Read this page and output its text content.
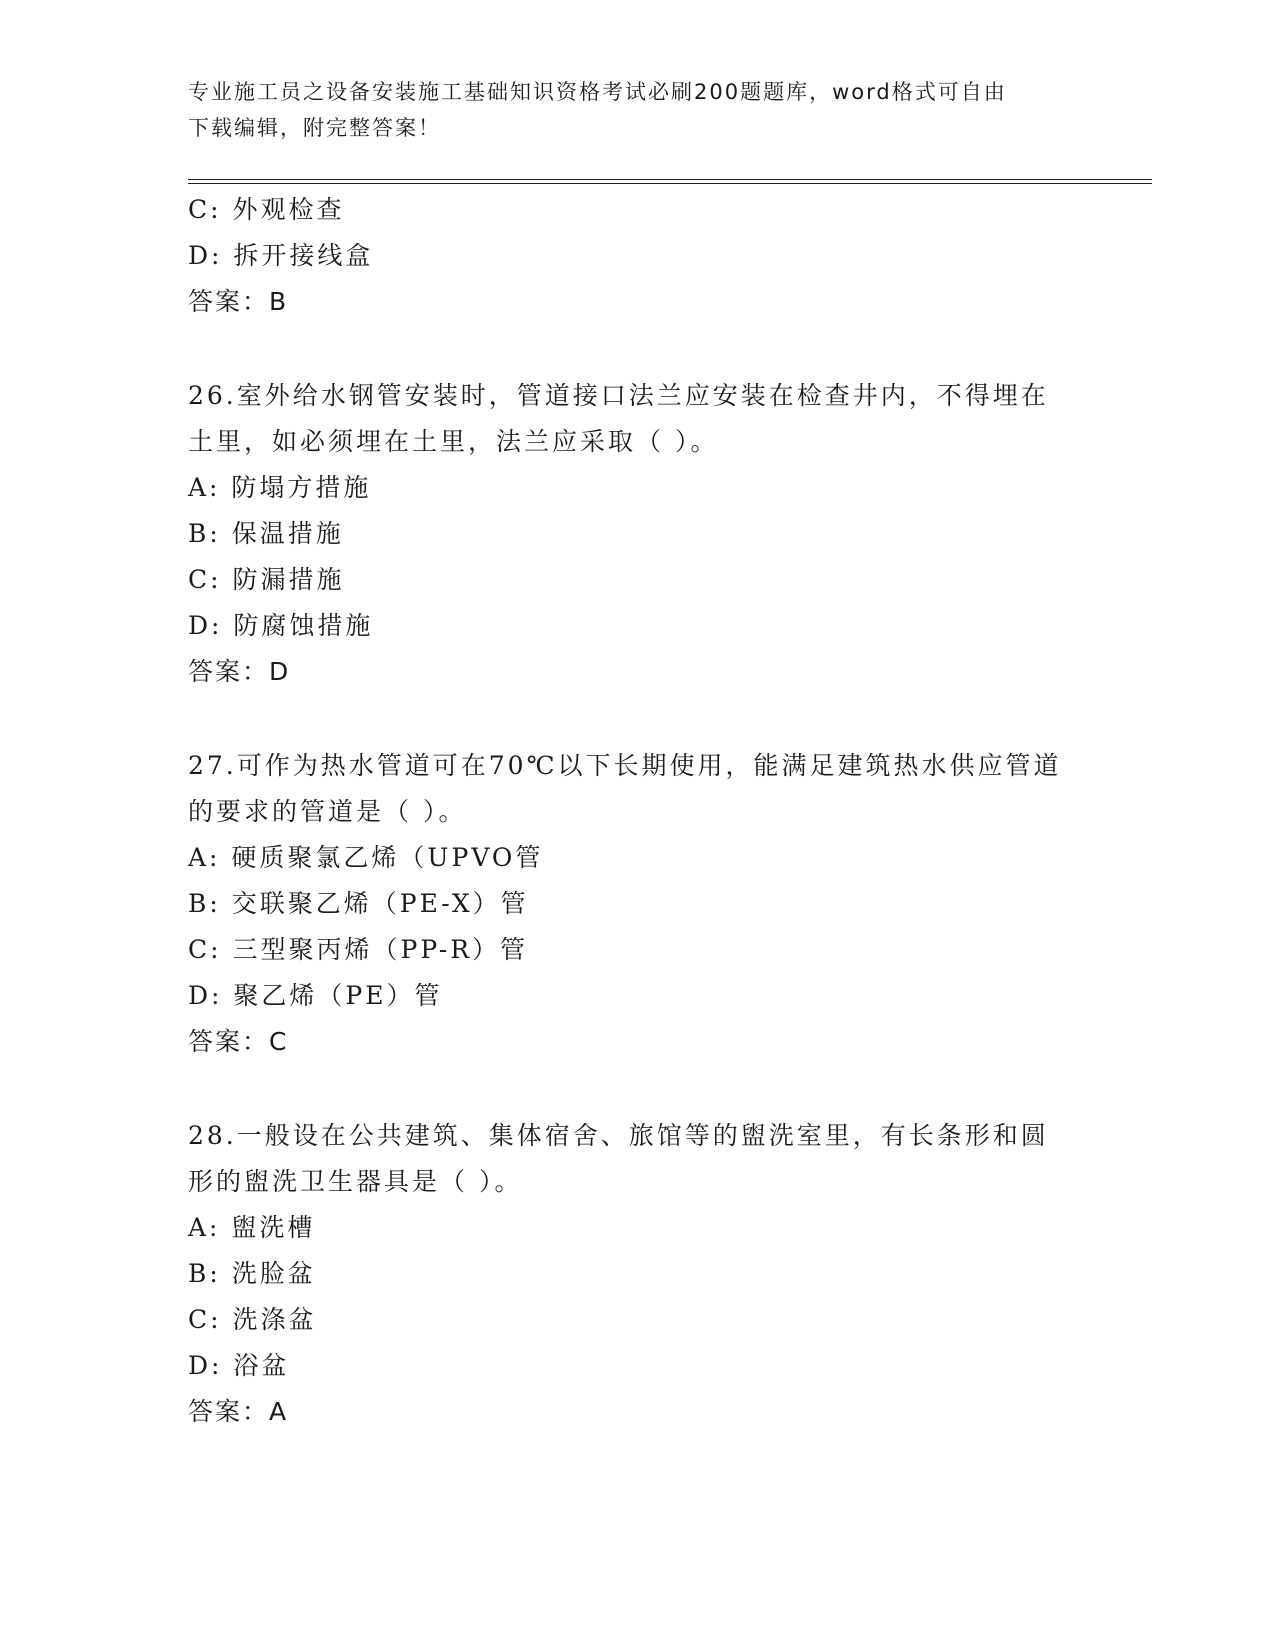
专业施工员之设备安装施工基础知识资格考试必刷200题题库，word格式可自由
下载编辑，附完整答案！
C: 外观检查
D: 拆开接线盒
答案：B
26.室外给水钢管安装时，管道接口法兰应安装在检查井内，不得埋在
土里，如必须埋在土里，法兰应采取（ ）。
A: 防塌方措施
B: 保温措施
C: 防漏措施
D: 防腐蚀措施
答案：D
27.可作为热水管道可在70℃以下长期使用，能满足建筑热水供应管道
的要求的管道是（ ）。
A: 硬质聚氯乙烯（UPVO管
B: 交联聚乙烯（PE-X）管
C: 三型聚丙烯（PP-R）管
D: 聚乙烯（PE）管
答案：C
28.一般设在公共建筑、集体宿舍、旅馆等的盥洗室里，有长条形和圆
形的盥洗卫生器具是（ ）。
A: 盥洗槽
B: 洗脸盆
C: 洗涤盆
D: 浴盆
答案：A
